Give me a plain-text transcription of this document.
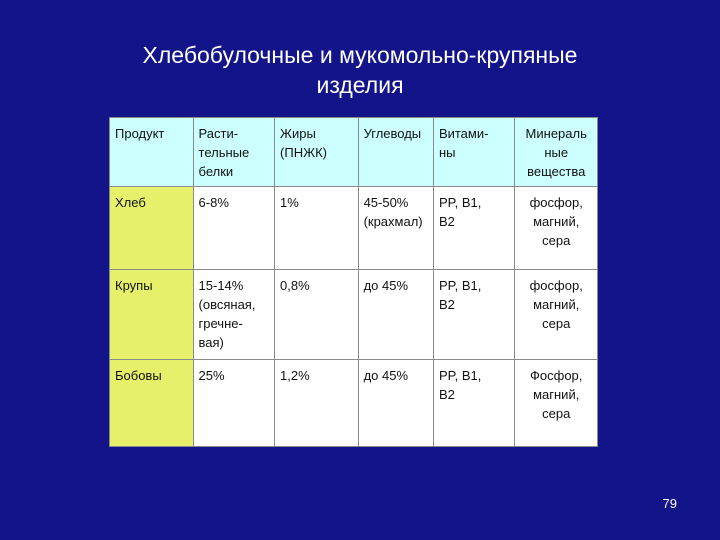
Хлебобулочные и мукомольно-крупяные
изделия
Продукт	Расти-
тельные
белки	Жиры
(ПНЖК)	Углеводы	Витами-
ны	Минераль
ные
вещества

Хлеб	6-8%	1%	45-50%
(крахмал)	PP, B1,
B2	фосфор,
магний,
сера

Крупы	15-14%
(овсяная,
гречне-
вая)	0,8%	до 45%	PP, B1,
B2	фосфор,
магний,
сера

Бобовы	25%	1,2%	до 45%	PP, B1,
B2	Фосфор,
магний,
сера
79
